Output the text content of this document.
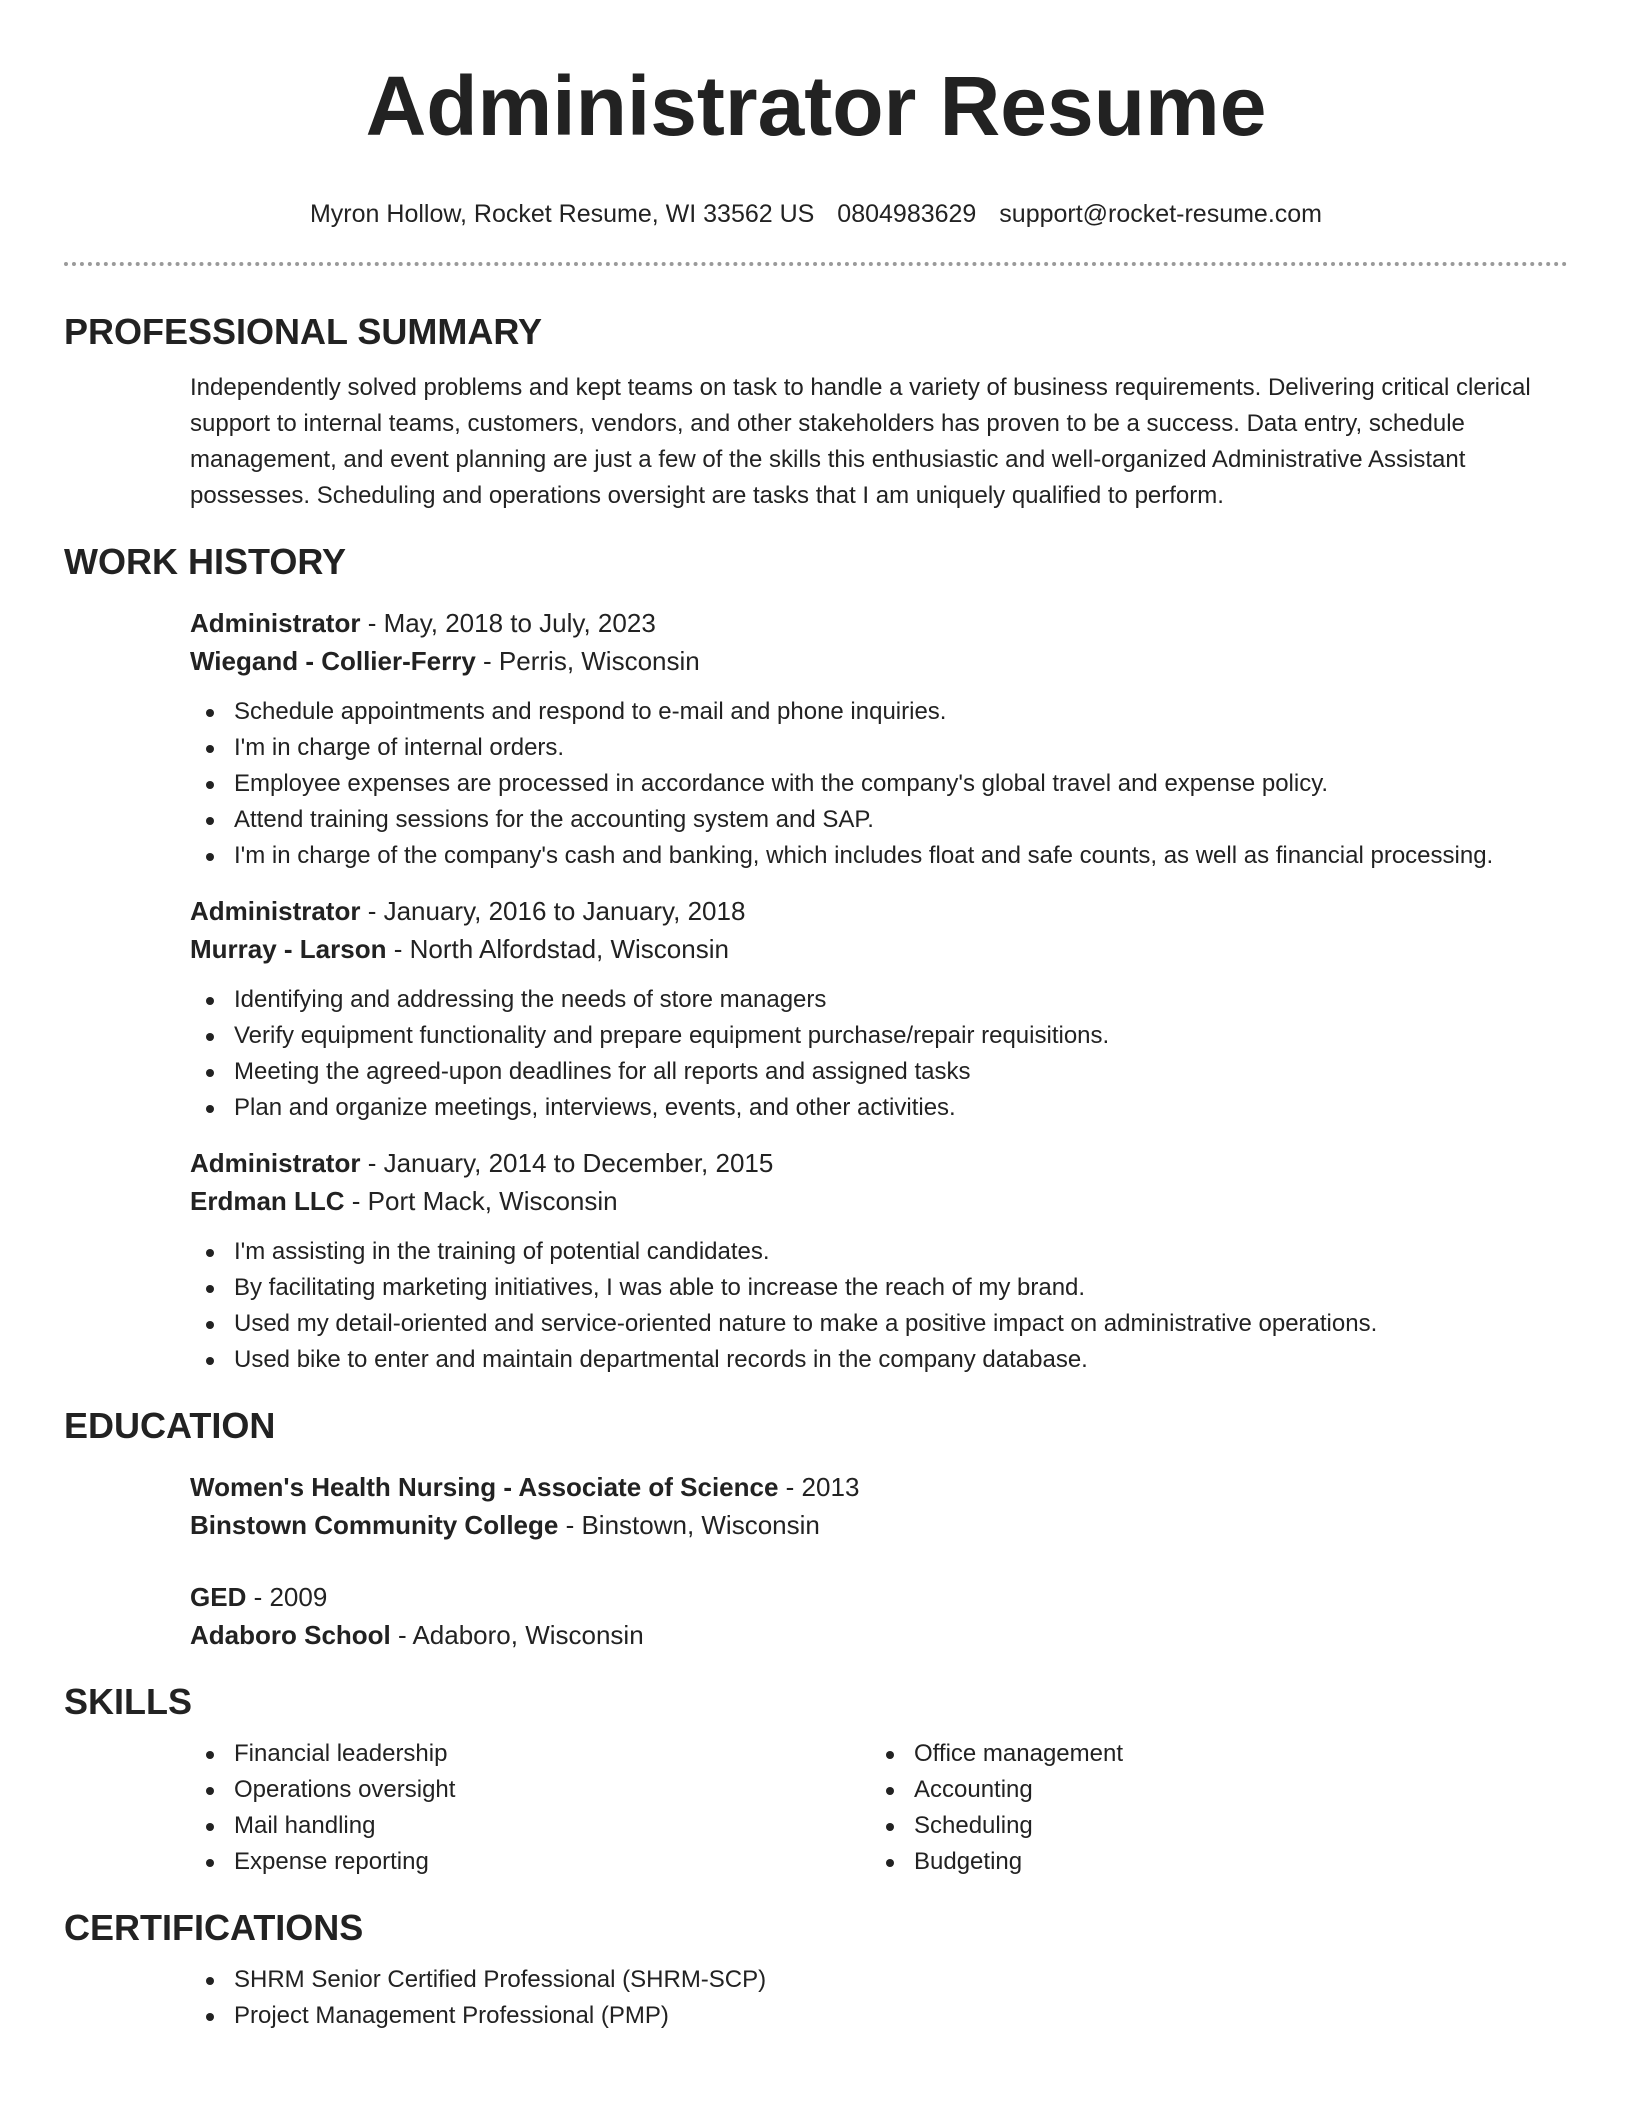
Administrator Resume
Myron Hollow, Rocket Resume, WI 33562 US 0804983629 support@rocket-resume.com
PROFESSIONAL SUMMARY

Independently solved problems and kept teams on task to handle a variety of business requirements. Delivering critical clerical support to internal teams, customers, vendors, and other stakeholders has proven to be a success. Data entry, schedule management, and event planning are just a few of the skills this enthusiastic and well-organized Administrative Assistant possesses. Scheduling and operations oversight are tasks that I am uniquely qualified to perform.

WORK HISTORY
Administrator - May, 2018 to July, 2023
Wiegand - Collier-Ferry - Perris, Wisconsin
Schedule appointments and respond to e-mail and phone inquiries.
I'm in charge of internal orders.
Employee expenses are processed in accordance with the company's global travel and expense policy.
Attend training sessions for the accounting system and SAP.
I'm in charge of the company's cash and banking, which includes float and safe counts, as well as financial processing.
Administrator - January, 2016 to January, 2018
Murray - Larson - North Alfordstad, Wisconsin
Identifying and addressing the needs of store managers
Verify equipment functionality and prepare equipment purchase/repair requisitions.
Meeting the agreed-upon deadlines for all reports and assigned tasks
Plan and organize meetings, interviews, events, and other activities.
Administrator - January, 2014 to December, 2015
Erdman LLC - Port Mack, Wisconsin
I'm assisting in the training of potential candidates.
By facilitating marketing initiatives, I was able to increase the reach of my brand.
Used my detail-oriented and service-oriented nature to make a positive impact on administrative operations.
Used bike to enter and maintain departmental records in the company database.
EDUCATION
Women's Health Nursing - Associate of Science - 2013
Binstown Community College - Binstown, Wisconsin
GED - 2009
Adaboro School - Adaboro, Wisconsin
SKILLS
Financial leadership
Operations oversight
Mail handling
Expense reporting
Office management
Accounting
Scheduling
Budgeting
CERTIFICATIONS
SHRM Senior Certified Professional (SHRM-SCP)
Project Management Professional (PMP)
